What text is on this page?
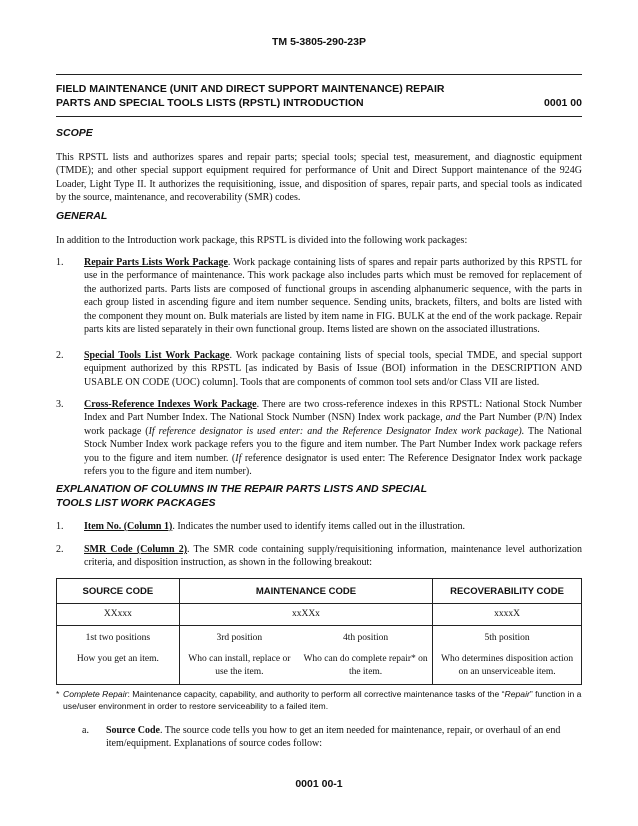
TM 5-3805-290-23P
FIELD MAINTENANCE (UNIT AND DIRECT SUPPORT MAINTENANCE) REPAIR
PARTS AND SPECIAL TOOLS LISTS (RPSTL) INTRODUCTION	0001 00
SCOPE
This RPSTL lists and authorizes spares and repair parts; special tools; special test, measurement, and diagnostic equipment (TMDE); and other special support equipment required for performance of Unit and Direct Support maintenance of the 924G Loader, Light Type II. It authorizes the requisitioning, issue, and disposition of spares, repair parts, and special tools as indicated by the source, maintenance, and recoverability (SMR) codes.
GENERAL
In addition to the Introduction work package, this RPSTL is divided into the following work packages:
1. Repair Parts Lists Work Package. Work package containing lists of spares and repair parts authorized by this RPSTL for use in the performance of maintenance. This work package also includes parts which must be removed for replacement of the authorized parts. Parts lists are composed of functional groups in ascending alphanumeric sequence, with the parts in each group listed in ascending figure and item number sequence. Sending units, brackets, filters, and bolts are listed with the component they mount on. Bulk materials are listed by item name in FIG. BULK at the end of the work package. Repair parts kits are listed separately in their own functional group. Items listed are shown on the associated illustrations.
2. Special Tools List Work Package. Work package containing lists of special tools, special TMDE, and special support equipment authorized by this RPSTL [as indicated by Basis of Issue (BOI) information in the DESCRIPTION AND USABLE ON CODE (UOC) column]. Tools that are components of common tool sets and/or Class VII are listed.
3. Cross-Reference Indexes Work Package. There are two cross-reference indexes in this RPSTL: National Stock Number Index and Part Number Index. The National Stock Number (NSN) Index work package, and the Part Number (P/N) Index work package (If reference designator is used enter: and the Reference Designator Index work package). The National Stock Number Index work package refers you to the figure and item number. The Part Number Index work package refers you to the figure and item number. (If reference designator is used enter: The Reference Designator Index work package refers you to the figure and item number).
EXPLANATION OF COLUMNS IN THE REPAIR PARTS LISTS AND SPECIAL
TOOLS LIST WORK PACKAGES
1. Item No. (Column 1). Indicates the number used to identify items called out in the illustration.
2. SMR Code (Column 2). The SMR code containing supply/requisitioning information, maintenance level authorization criteria, and disposition instruction, as shown in the following breakout:
SOURCE CODE	MAINTENANCE CODE		RECOVERABILITY CODE
XXxxx	xxXXx		xxxxX
1st two positions	3rd position	4th position	5th position
How you get an item.	Who can install, replace or use the item.	Who can do complete repair* on the item.	Who determines disposition action on an unserviceable item.
* Complete Repair: Maintenance capacity, capability, and authority to perform all corrective maintenance tasks of the “Repair” function in a use/user environment in order to restore serviceability to a failed item.
a. Source Code. The source code tells you how to get an item needed for maintenance, repair, or overhaul of an end item/equipment. Explanations of source codes follow:
0001 00-1
